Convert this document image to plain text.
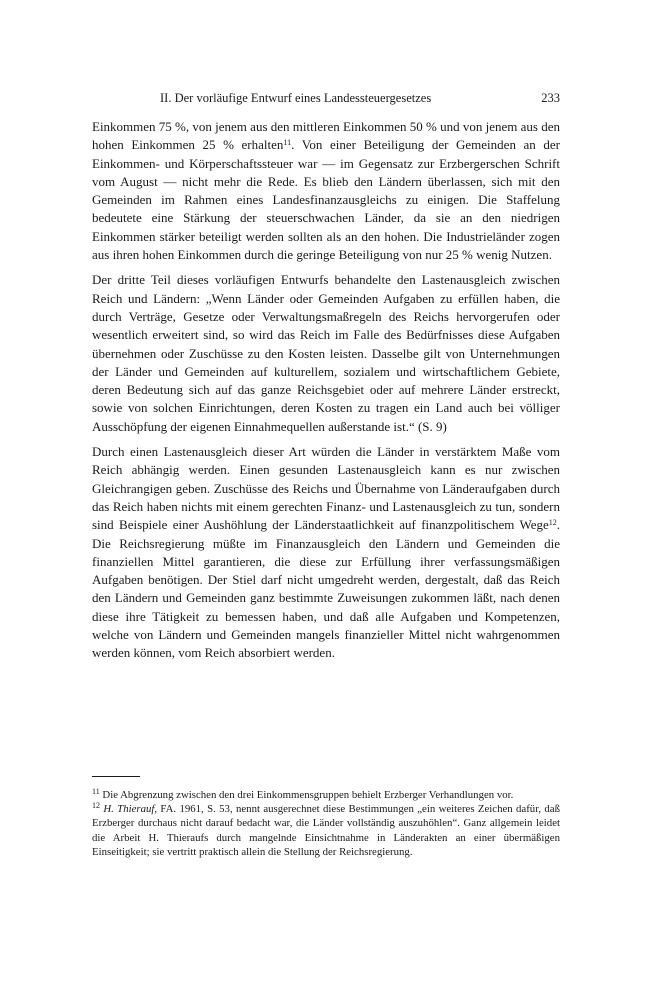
II. Der vorläufige Entwurf eines Landessteuergesetzes	233

Einkommen 75 %, von jenem aus den mittleren Einkommen 50 % und von jenem aus den hohen Einkommen 25 % erhalten$^{11}$. Von einer Beteiligung der Gemeinden an der Einkommen- und Körperschaftssteuer war — im Gegensatz zur Erzbergerschen Schrift vom August — nicht mehr die Rede. Es blieb den Ländern überlassen, sich mit den Gemeinden im Rahmen eines Landesfinanzausgleichs zu einigen. Die Staffelung bedeutete eine Stärkung der steuerschwachen Länder, da sie an den niedrigen Einkommen stärker beteiligt werden sollten als an den hohen. Die Industrieländer zogen aus ihren hohen Einkommen durch die geringe Beteiligung von nur 25 % wenig Nutzen.

Der dritte Teil dieses vorläufigen Entwurfs behandelte den Lastenausgleich zwischen Reich und Ländern: „Wenn Länder oder Gemeinden Aufgaben zu erfüllen haben, die durch Verträge, Gesetze oder Verwaltungsmaßregeln des Reichs hervorgerufen oder wesentlich erweitert sind, so wird das Reich im Falle des Bedürfnisses diese Aufgaben übernehmen oder Zuschüsse zu den Kosten leisten. Dasselbe gilt von Unternehmungen der Länder und Gemeinden auf kulturellem, sozialem und wirtschaftlichem Gebiete, deren Bedeutung sich auf das ganze Reichsgebiet oder auf mehrere Länder erstreckt, sowie von solchen Einrichtungen, deren Kosten zu tragen ein Land auch bei völliger Ausschöpfung der eigenen Einnahmequellen außerstande ist.“ (S. 9)

Durch einen Lastenausgleich dieser Art würden die Länder in verstärktem Maße vom Reich abhängig werden. Einen gesunden Lastenausgleich kann es nur zwischen Gleichrangigen geben. Zuschüsse des Reichs und Übernahme von Länderaufgaben durch das Reich haben nichts mit einem gerechten Finanz- und Lastenausgleich zu tun, sondern sind Beispiele einer Aushöhlung der Länderstaatlichkeit auf finanzpolitischem Wege$^{12}$. Die Reichsregierung müßte im Finanzausgleich den Ländern und Gemeinden die finanziellen Mittel garantieren, die diese zur Erfüllung ihrer verfassungsmäßigen Aufgaben benötigen. Der Stiel darf nicht umgedreht werden, dergestalt, daß das Reich den Ländern und Gemeinden ganz bestimmte Zuweisungen zukommen läßt, nach denen diese ihre Tätigkeit zu bemessen haben, und daß alle Aufgaben und Kompetenzen, welche von Ländern und Gemeinden mangels finanzieller Mittel nicht wahrgenommen werden können, vom Reich absorbiert werden.

$^{11}$ Die Abgrenzung zwischen den drei Einkommensgruppen behielt Erzberger Verhandlungen vor.

$^{12}$ H. Thierauf, FA. 1961, S. 53, nennt ausgerechnet diese Bestimmungen „ein weiteres Zeichen dafür, daß Erzberger durchaus nicht darauf bedacht war, die Länder vollständig auszuhöhlen“. Ganz allgemein leidet die Arbeit H. Thieraufs durch mangelnde Einsichtnahme in Länderakten an einer übermäßigen Einseitigkeit; sie vertritt praktisch allein die Stellung der Reichsregierung.
